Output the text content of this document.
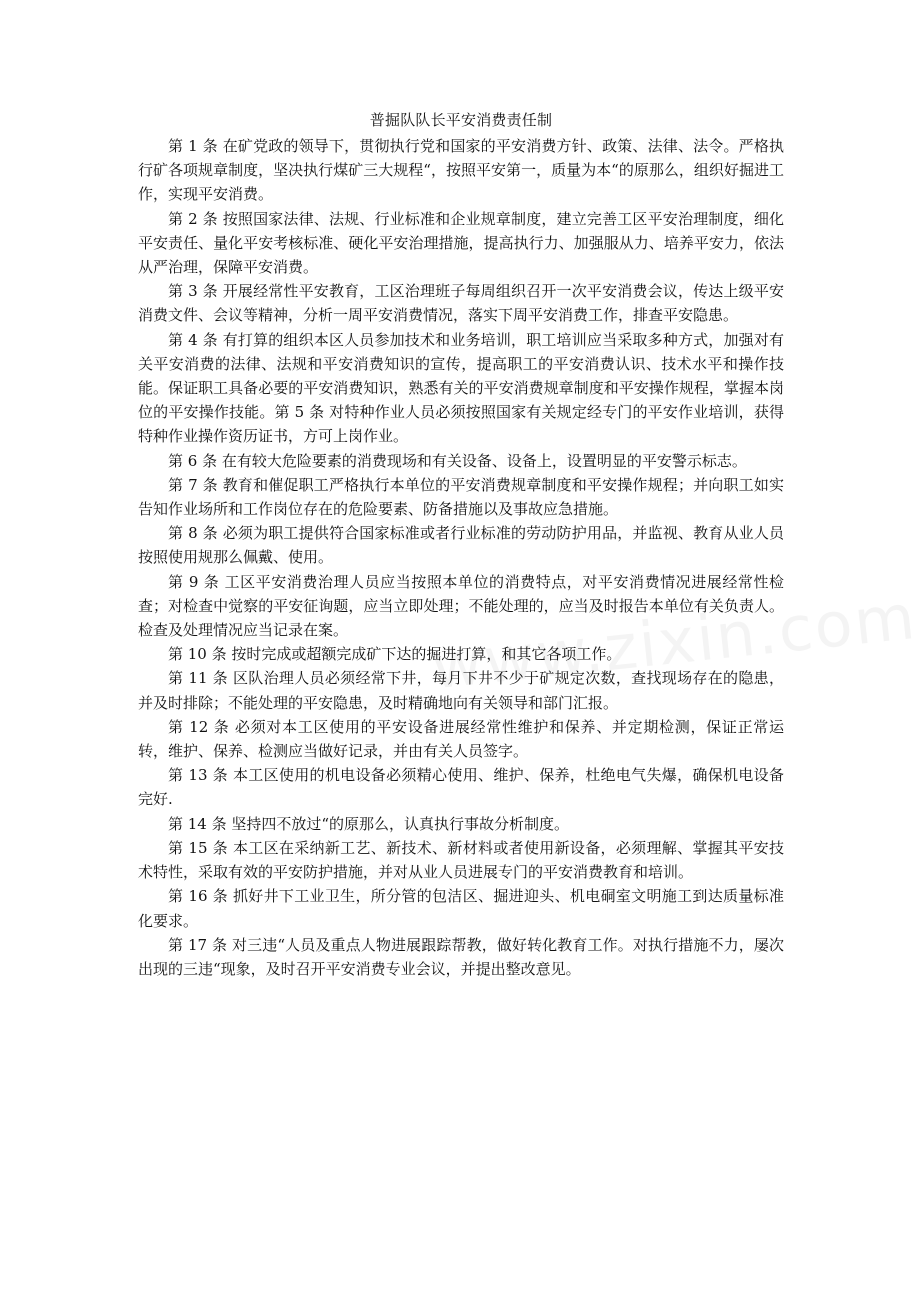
普掘队队长平安消费责任制

第 1 条 在矿党政的领导下，贯彻执行党和国家的平安消费方针、政策、法律、法令。严格执行矿各项规章制度，坚决执行煤矿三大规程“，按照平安第一，质量为本“的原那么，组织好掘进工作，实现平安消费。

第 2 条 按照国家法律、法规、行业标准和企业规章制度，建立完善工区平安治理制度，细化平安责任、量化平安考核标准、硬化平安治理措施，提高执行力、加强服从力、培养平安力，依法从严治理，保障平安消费。

第 3 条 开展经常性平安教育，工区治理班子每周组织召开一次平安消费会议，传达上级平安消费文件、会议等精神，分析一周平安消费情况，落实下周平安消费工作，排查平安隐患。

第 4 条 有打算的组织本区人员参加技术和业务培训，职工培训应当采取多种方式，加强对有关平安消费的法律、法规和平安消费知识的宣传，提高职工的平安消费认识、技术水平和操作技能。保证职工具备必要的平安消费知识，熟悉有关的平安消费规章制度和平安操作规程，掌握本岗位的平安操作技能。第 5 条 对特种作业人员必须按照国家有关规定经专门的平安作业培训，获得特种作业操作资历证书，方可上岗作业。

第 6 条 在有较大危险要素的消费现场和有关设备、设备上，设置明显的平安警示标志。

第 7 条 教育和催促职工严格执行本单位的平安消费规章制度和平安操作规程；并向职工如实告知作业场所和工作岗位存在的危险要素、防备措施以及事故应急措施。

第 8 条 必须为职工提供符合国家标准或者行业标准的劳动防护用品，并监视、教育从业人员按照使用规那么佩戴、使用。

第 9 条 工区平安消费治理人员应当按照本单位的消费特点，对平安消费情况进展经常性检查；对检查中觉察的平安征询题，应当立即处理；不能处理的，应当及时报告本单位有关负责人。检查及处理情况应当记录在案。

第 10 条 按时完成或超额完成矿下达的掘进打算，和其它各项工作。

第 11 条 区队治理人员必须经常下井，每月下井不少于矿规定次数，查找现场存在的隐患，并及时排除；不能处理的平安隐患，及时精确地向有关领导和部门汇报。

第 12 条 必须对本工区使用的平安设备进展经常性维护和保养、并定期检测，保证正常运转，维护、保养、检测应当做好记录，并由有关人员签字。

第 13 条 本工区使用的机电设备必须精心使用、维护、保养，杜绝电气失爆，确保机电设备完好.

第 14 条 坚持四不放过“的原那么，认真执行事故分析制度。

第 15 条 本工区在采纳新工艺、新技术、新材料或者使用新设备，必须理解、掌握其平安技术特性，采取有效的平安防护措施，并对从业人员进展专门的平安消费教育和培训。

第 16 条 抓好井下工业卫生，所分管的包洁区、掘进迎头、机电硐室文明施工到达质量标准化要求。

第 17 条 对三违“人员及重点人物进展跟踪帮教，做好转化教育工作。对执行措施不力，屡次出现的三违“现象，及时召开平安消费专业会议，并提出整改意见。
